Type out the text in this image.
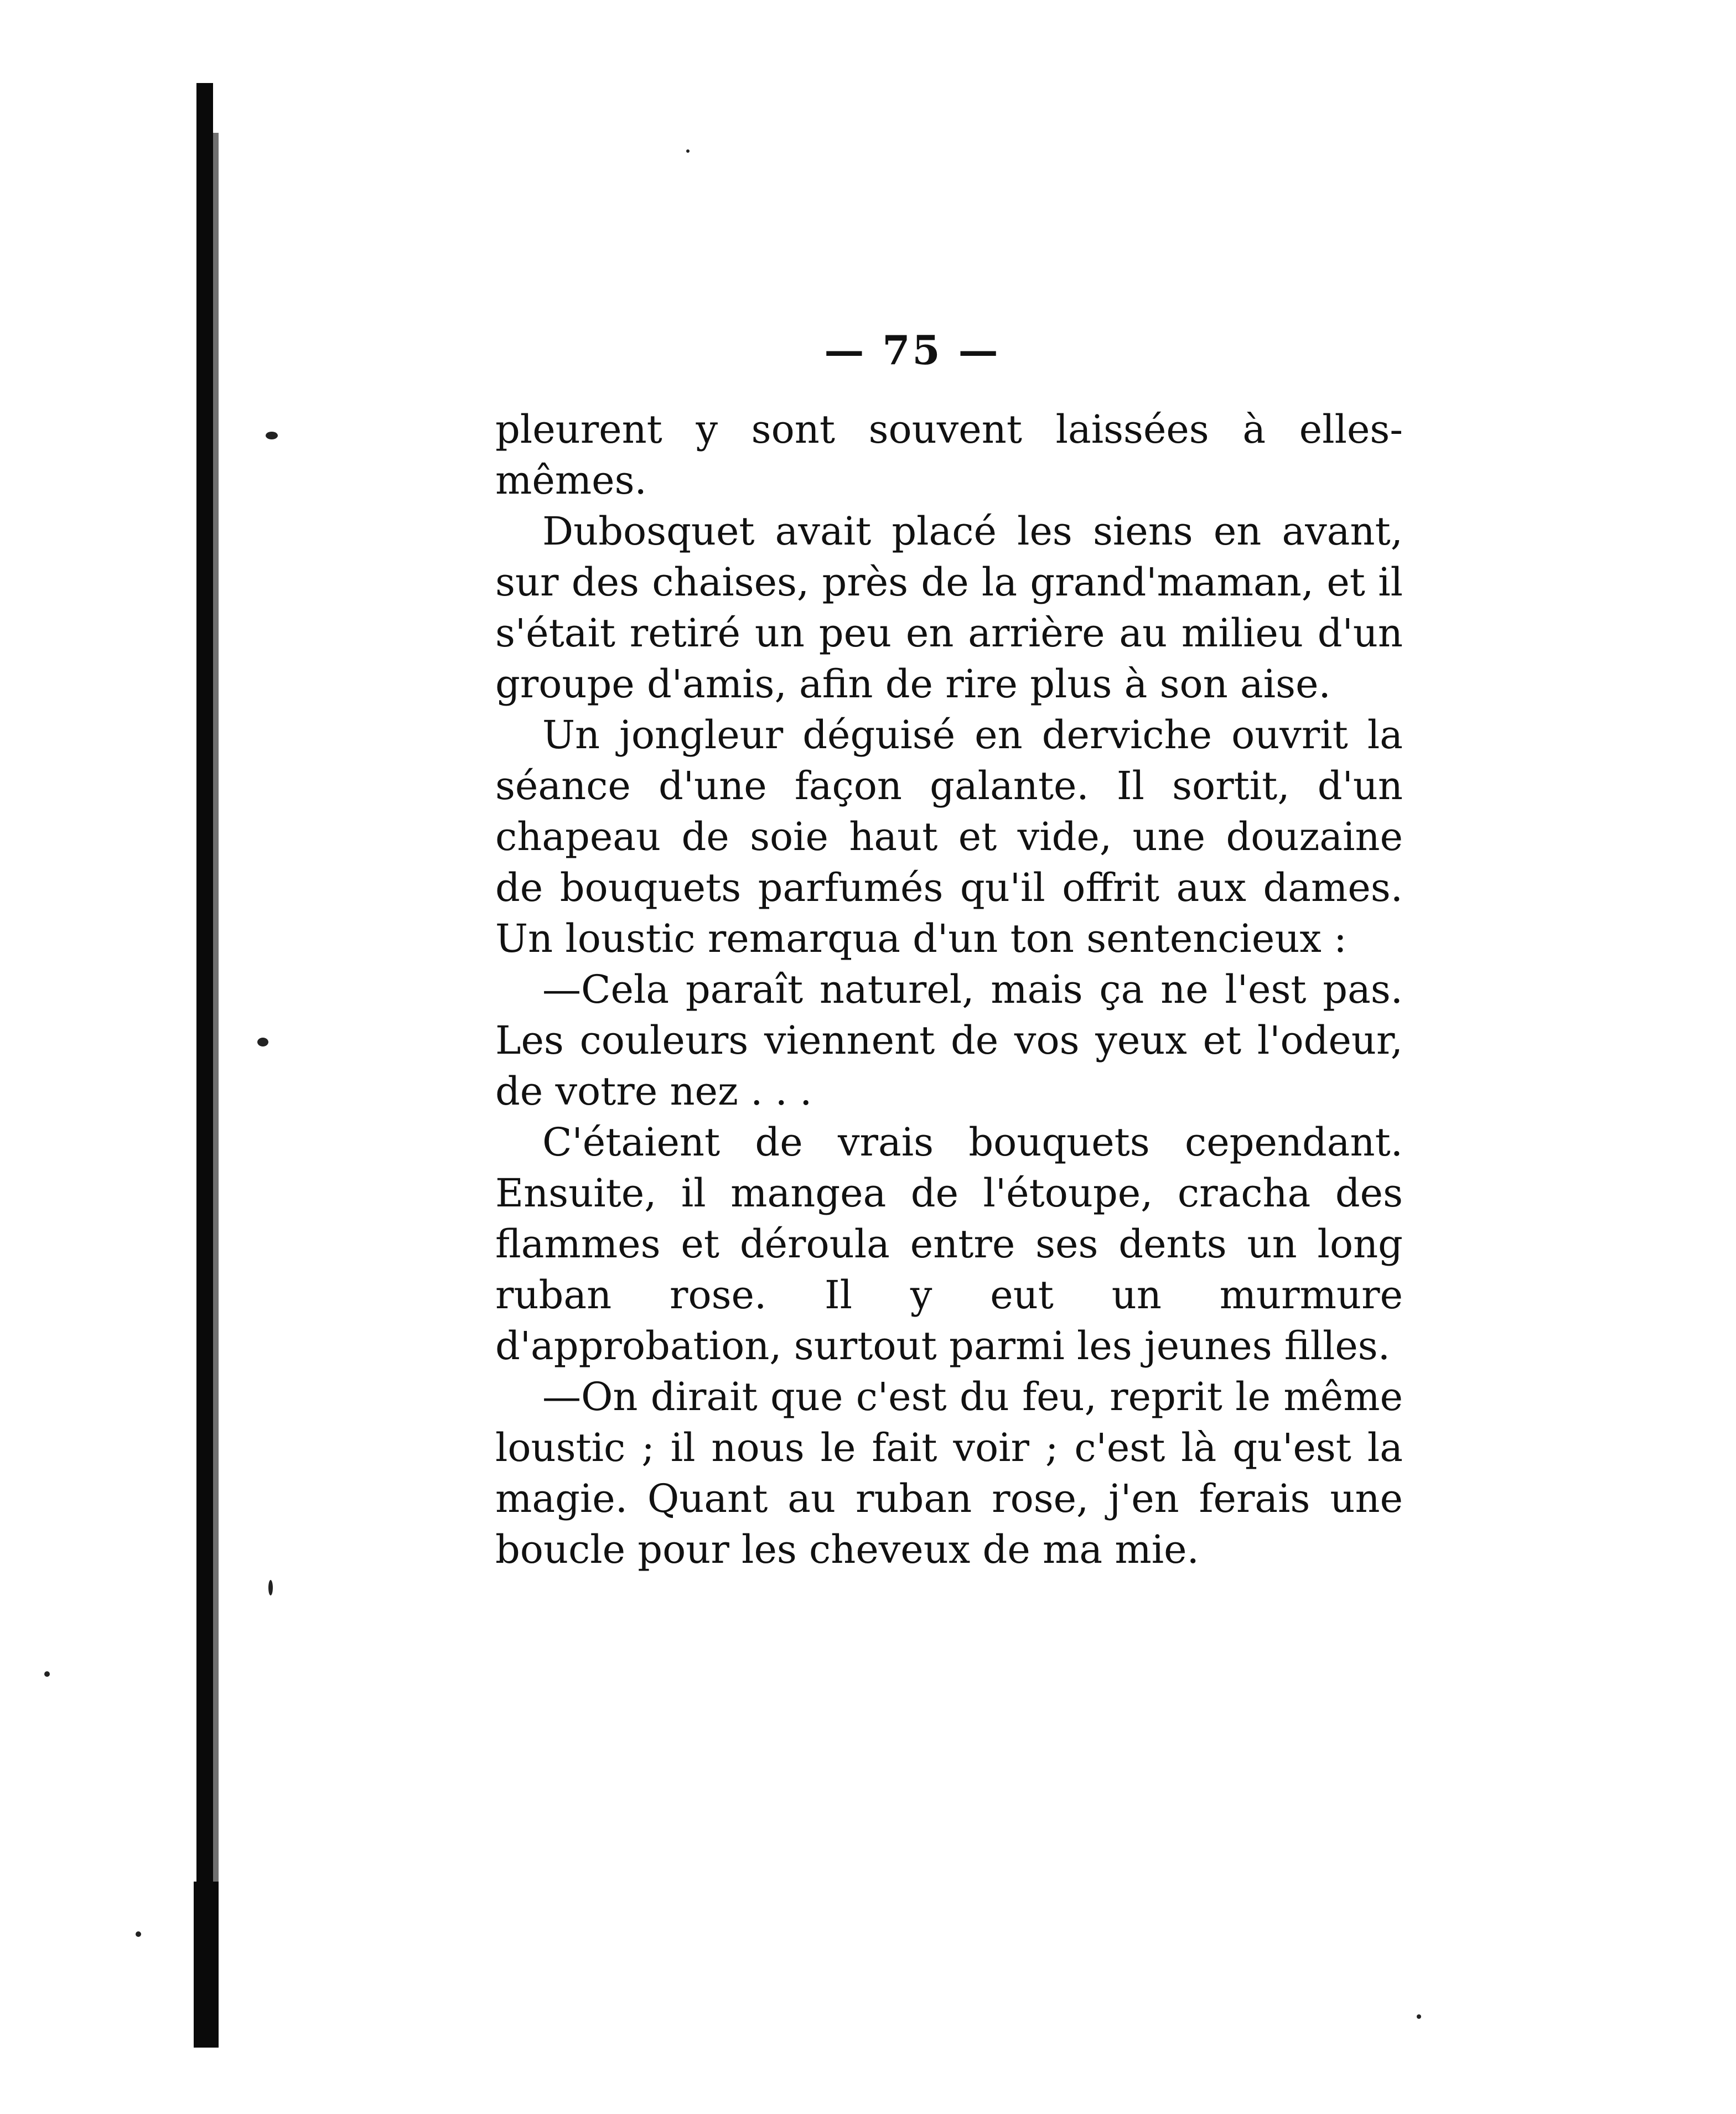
— 75 —

pleurent y sont souvent laissées à elles-mêmes.

Dubosquet avait placé les siens en avant, sur des chaises, près de la grand'maman, et il s'était retiré un peu en arrière au milieu d'un groupe d'amis, afin de rire plus à son aise.

Un jongleur déguisé en derviche ouvrit la séance d'une façon galante. Il sortit, d'un chapeau de soie haut et vide, une douzaine de bouquets parfumés qu'il offrit aux dames. Un loustic remarqua d'un ton sentencieux :

—Cela paraît naturel, mais ça ne l'est pas. Les couleurs viennent de vos yeux et l'odeur, de votre nez . . .

C'étaient de vrais bouquets cependant. Ensuite, il mangea de l'étoupe, cracha des flammes et déroula entre ses dents un long ruban rose. Il y eut un murmure d'approbation, surtout parmi les jeunes filles.

—On dirait que c'est du feu, reprit le même loustic ; il nous le fait voir ; c'est là qu'est la magie. Quant au ruban rose, j'en ferais une boucle pour les cheveux de ma mie.
